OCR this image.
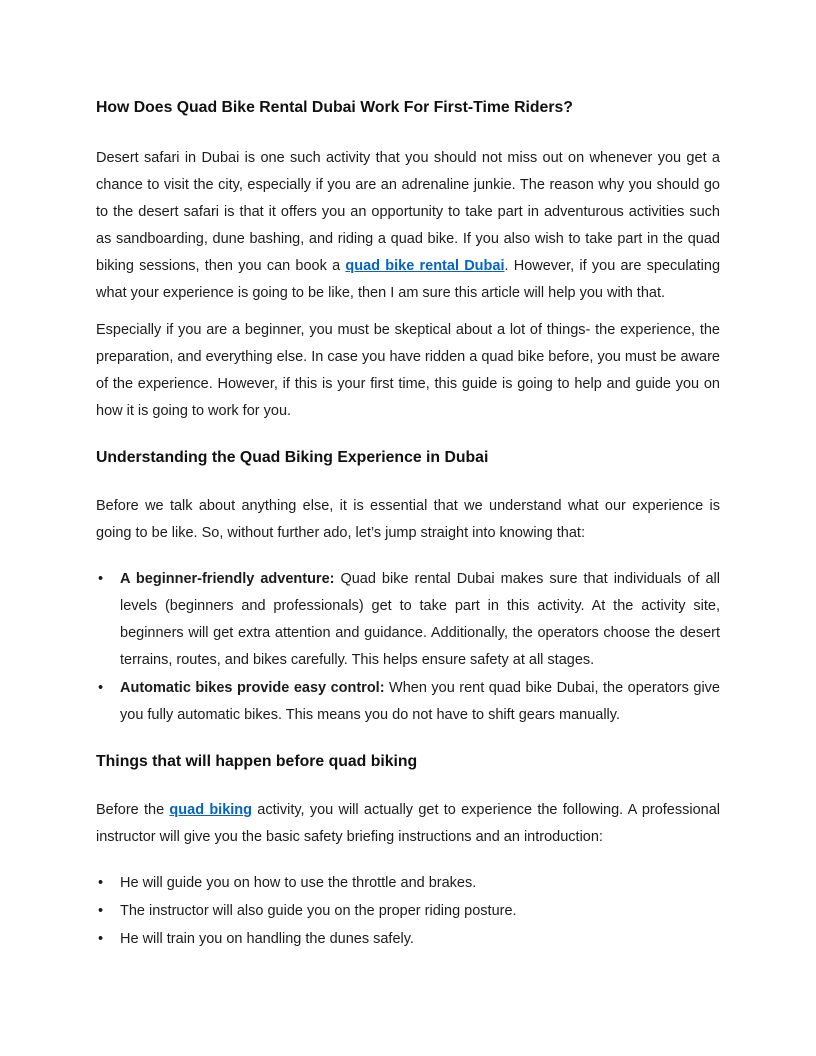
How Does Quad Bike Rental Dubai Work For First-Time Riders?

Desert safari in Dubai is one such activity that you should not miss out on whenever you get a chance to visit the city, especially if you are an adrenaline junkie. The reason why you should go to the desert safari is that it offers you an opportunity to take part in adventurous activities such as sandboarding, dune bashing, and riding a quad bike. If you also wish to take part in the quad biking sessions, then you can book a quad bike rental Dubai. However, if you are speculating what your experience is going to be like, then I am sure this article will help you with that.

Especially if you are a beginner, you must be skeptical about a lot of things- the experience, the preparation, and everything else. In case you have ridden a quad bike before, you must be aware of the experience. However, if this is your first time, this guide is going to help and guide you on how it is going to work for you.

Understanding the Quad Biking Experience in Dubai

Before we talk about anything else, it is essential that we understand what our experience is going to be like. So, without further ado, let’s jump straight into knowing that:

• A beginner-friendly adventure: Quad bike rental Dubai makes sure that individuals of all levels (beginners and professionals) get to take part in this activity. At the activity site, beginners will get extra attention and guidance. Additionally, the operators choose the desert terrains, routes, and bikes carefully. This helps ensure safety at all stages.
• Automatic bikes provide easy control: When you rent quad bike Dubai, the operators give you fully automatic bikes. This means you do not have to shift gears manually.
Things that will happen before quad biking

Before the quad biking activity, you will actually get to experience the following. A professional instructor will give you the basic safety briefing instructions and an introduction:

• He will guide you on how to use the throttle and brakes.
• The instructor will also guide you on the proper riding posture.
• He will train you on handling the dunes safely.
